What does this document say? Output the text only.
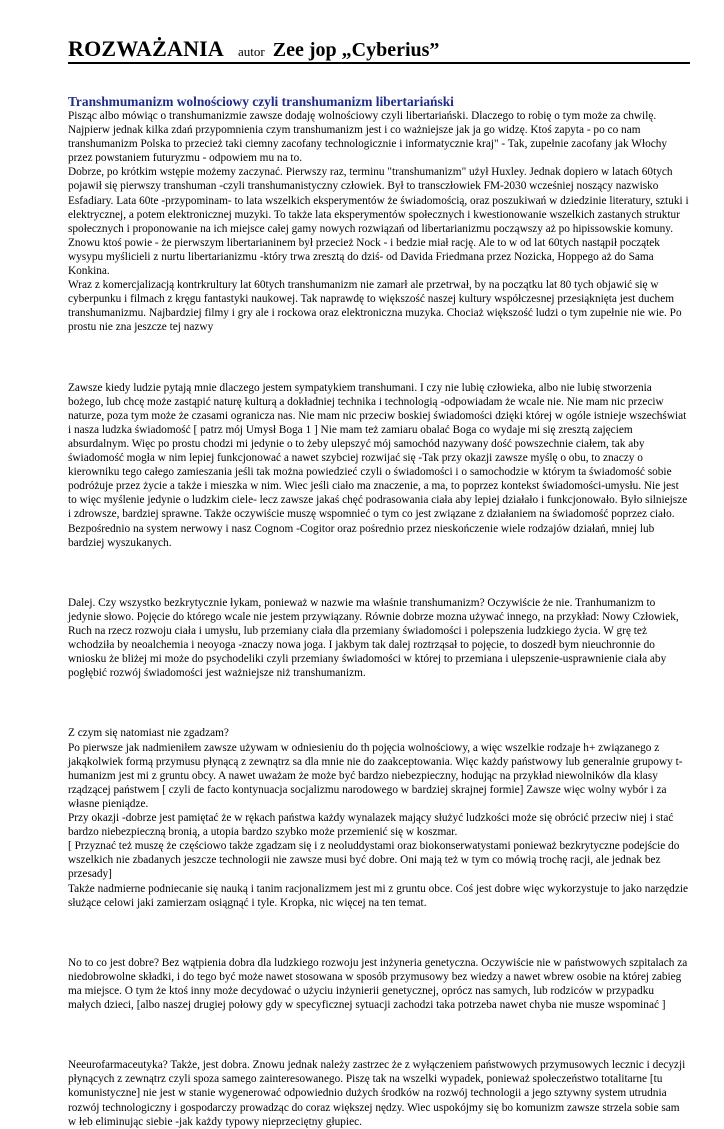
ROZWAŻANIA autor Zee jop „Cyberius”
Transhmumanizm wolnościowy czyli transhumanizm libertariański

Pisząc albo mówiąc o transhumanizmie zawsze dodaję wolnościowy czyli libertariański. Dlaczego to robię o tym może za chwilę. Najpierw jednak kilka zdań przypomnienia czym transhumanizm jest i co ważniejsze jak ja go widzę. Ktoś zapyta - po co nam transhumanizm Polska to przecież taki ciemny zacofany technologicznie i informatycznie kraj" - Tak, zupełnie zacofany jak Włochy przez powstaniem futuryzmu - odpowiem mu na to.

Dobrze, po krótkim wstępie możemy zaczynać. Pierwszy raz, terminu "transhumanizm" użył Huxley. Jednak dopiero w latach 60tych pojawił się pierwszy transhuman -czyli transhumanistyczny człowiek. Był to transczłowiek FM-2030 wcześniej noszący nazwisko Esfadiary. Lata 60te -przypominam- to lata wszelkich eksperymentów że świadomością, oraz poszukiwań w dziedzinie literatury, sztuki i elektrycznej, a potem elektronicznej muzyki. To także lata eksperymentów społecznych i kwestionowanie wszelkich zastanych struktur społecznych i proponowanie na ich miejsce całej gamy nowych rozwiązań od libertarianizmu począwszy aż po hipissowskie komuny. Znowu ktoś powie - że pierwszym libertarianinem był przecież Nock - i bedzie miał rację. Ale to w od lat 60tych nastąpił początek wysypu myślicieli z nurtu libertarianizmu -który trwa zresztą do dziś- od Davida Friedmana przez Nozicka, Hoppego aż do Sama Konkina.

Wraz z komercjalizacją kontrkrultury lat 60tych transhumanizm nie zamarł ale przetrwał, by na początku lat 80 tych objawić się w cyberpunku i filmach z kręgu fantastyki naukowej. Tak naprawdę to większość naszej kultury współczesnej przesiąknięta jest duchem transhumanizmu. Najbardziej filmy i gry ale i rockowa oraz elektroniczna muzyka. Chociaż większość ludzi o tym zupełnie nie wie. Po prostu nie zna jeszcze tej nazwy

Zawsze kiedy ludzie pytają mnie dlaczego jestem sympatykiem transhumani. I czy nie lubię człowieka, albo nie lubię stworzenia bożego, lub chcę może zastąpić naturę kulturą a dokładniej technika i technologią -odpowiadam że wcale nie. Nie mam nic przeciw naturze, poza tym może że czasami ogranicza nas. Nie mam nic przeciw boskiej świadomości dzięki której w ogóle istnieje wszechświat i nasza ludzka świadomość [ patrz mój Umysł Boga 1 ] Nie mam też zamiaru obalać Boga co wydaje mi się zresztą zajęciem absurdalnym. Więc po prostu chodzi mi jedynie o to żeby ulepszyć mój samochód nazywany dość powszechnie ciałem, tak aby świadomość mogła w nim lepiej funkcjonować a nawet szybciej rozwijać się -Tak przy okazji zawsze myślę o obu, to znaczy o kierowniku tego całego zamieszania jeśli tak można powiedzieć czyli o świadomości i o samochodzie w którym ta świadomość sobie podróżuje przez życie a także i mieszka w nim. Wiec jeśli ciało ma znaczenie, a ma, to poprzez kontekst świadomości-umysłu. Nie jest to więc myślenie jedynie o ludzkim ciele- lecz zawsze jakaś chęć podrasowania ciała aby lepiej działało i funkcjonowało. Było silniejsze i zdrowsze, bardziej sprawne. Także oczywiście muszę wspomnieć o tym co jest związane z działaniem na świadomość poprzez ciało. Bezpośrednio na system nerwowy i nasz Cognom -Cogitor oraz pośrednio przez nieskończenie wiele rodzajów działań, mniej lub bardziej wyszukanych.

Dalej. Czy wszystko bezkrytycznie łykam, ponieważ w nazwie ma właśnie transhumanizm? Oczywiście że nie. Tranhumanizm to jedynie słowo. Pojęcie do którego wcale nie jestem przywiązany. Równie dobrze mozna używać innego, na przykład: Nowy Człowiek, Ruch na rzecz rozwoju ciała i umysłu, lub przemiany ciała dla przemiany świadomości i polepszenia ludzkiego życia. W grę też wchodziła by neoalchemia i neoyoga -znaczy nowa joga. I jakbym tak dalej roztrząsał to pojęcie, to doszedł bym nieuchronnie do wniosku że bliżej mi może do psychodeliki czyli przemiany świadomości w której to przemiana i ulepszenie-usprawnienie ciała aby pogłębić rozwój świadomości jest ważniejsze niż transhumanizm.

Z czym się natomiast nie zgadzam?

Po pierwsze jak nadmieniłem zawsze używam w odniesieniu do th pojęcia wolnościowy, a więc wszelkie rodzaje h+ związanego z jakąkolwiek formą przymusu płynącą z zewnątrz sa dla mnie nie do zaakceptowania. Więc każdy państwowy lub generalnie grupowy t-humanizm jest mi z gruntu obcy. A nawet uważam że może być bardzo niebezpieczny, hodując na przykład niewolników dla klasy rządzącej państwem [ czyli de facto kontynuacja socjalizmu narodowego w bardziej skrajnej formie] Zawsze więc wolny wybór i za własne pieniądze.

Przy okazji -dobrze jest pamiętać że w rękach państwa każdy wynalazek mający służyć ludzkości może się obrócić przeciw niej i stać bardzo niebezpieczną bronią, a utopia bardzo szybko może przemienić się w koszmar.

[ Przyznać też muszę że częściowo także zgadzam się i z neoluddystami oraz biokonserwatystami ponieważ bezkrytyczne podejście do wszelkich nie zbadanych jeszcze technologii nie zawsze musi być dobre. Oni mają też w tym co mówią trochę racji, ale jednak bez przesady]

Także nadmierne podniecanie się nauką i tanim racjonalizmem jest mi z gruntu obce. Coś jest dobre więc wykorzystuje to jako narzędzie służące celowi jaki zamierzam osiągnąć i tyle. Kropka, nic więcej na ten temat.

No to co jest dobre? Bez wątpienia dobra dla ludzkiego rozwoju jest inżyneria genetyczna. Oczywiście nie w państwowych szpitalach za niedobrowolne składki, i do tego być może nawet stosowana w sposób przymusowy bez wiedzy a nawet wbrew osobie na której zabieg ma miejsce. O tym że ktoś inny może decydować o użyciu inżynierii genetycznej, oprócz nas samych, lub rodziców w przypadku małych dzieci, [albo naszej drugiej połowy gdy w specyficznej sytuacji zachodzi taka potrzeba nawet chyba nie musze wspominać ]

Neeurofarmaceutyka? Także, jest dobra. Znowu jednak należy zastrzec że z wyłączeniem państwowych przymusowych lecznic i decyzji płynących z zewnątrz czyli spoza samego zainteresowanego. Piszę tak na wszelki wypadek, ponieważ społeczeństwo totalitarne [tu komunistyczne] nie jest w stanie wygenerować odpowiednio dużych środków na rozwój technologii a jego sztywny system utrudnia rozwój technologiczny i gospodarczy prowadząc do coraz większej nędzy. Wiec uspokójmy się bo komunizm zawsze strzela sobie sam w łeb eliminując siebie -jak każdy typowy nieprzeciętny głupiec.
